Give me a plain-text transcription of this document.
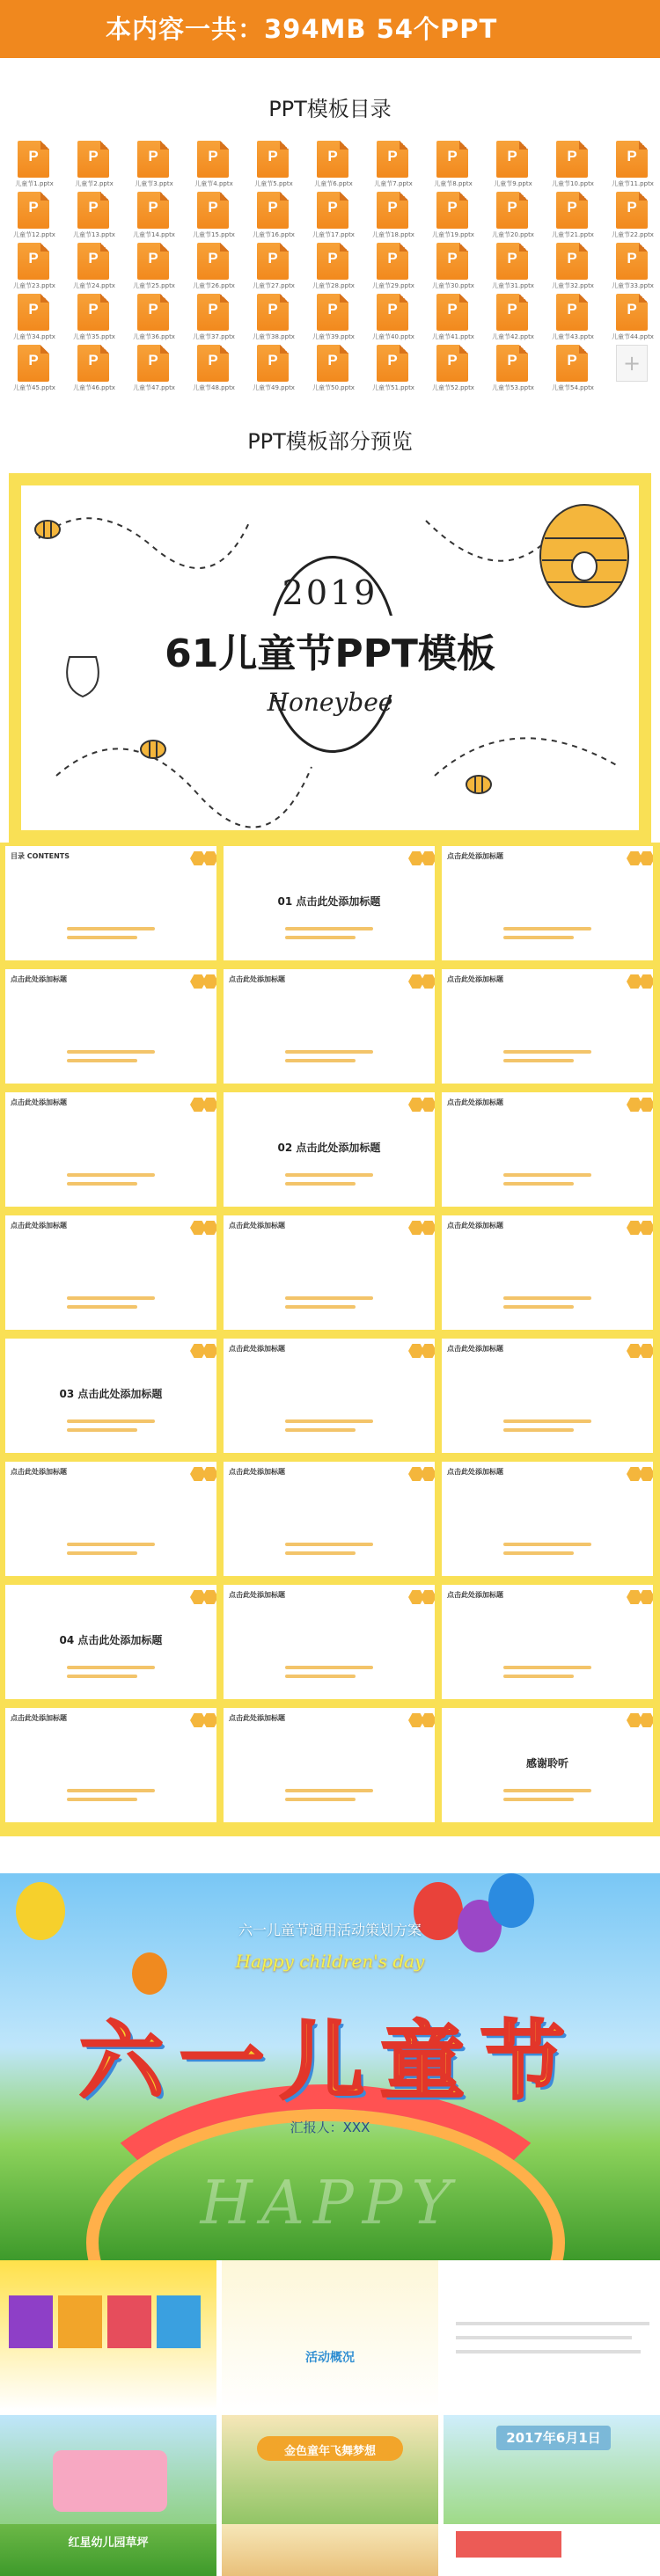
本内容一共：394MB 54个PPT
PPT模板目录
P
儿童节1.pptx
P
儿童节2.pptx
P
儿童节3.pptx
P
儿童节4.pptx
P
儿童节5.pptx
P
儿童节6.pptx
P
儿童节7.pptx
P
儿童节8.pptx
P
儿童节9.pptx
P
儿童节10.pptx
P
儿童节11.pptx
P
儿童节12.pptx
P
儿童节13.pptx
P
儿童节14.pptx
P
儿童节15.pptx
P
儿童节16.pptx
P
儿童节17.pptx
P
儿童节18.pptx
P
儿童节19.pptx
P
儿童节20.pptx
P
儿童节21.pptx
P
儿童节22.pptx
P
儿童节23.pptx
P
儿童节24.pptx
P
儿童节25.pptx
P
儿童节26.pptx
P
儿童节27.pptx
P
儿童节28.pptx
P
儿童节29.pptx
P
儿童节30.pptx
P
儿童节31.pptx
P
儿童节32.pptx
P
儿童节33.pptx
P
儿童节34.pptx
P
儿童节35.pptx
P
儿童节36.pptx
P
儿童节37.pptx
P
儿童节38.pptx
P
儿童节39.pptx
P
儿童节40.pptx
P
儿童节41.pptx
P
儿童节42.pptx
P
儿童节43.pptx
P
儿童节44.pptx
P
儿童节45.pptx
P
儿童节46.pptx
P
儿童节47.pptx
P
儿童节48.pptx
P
儿童节49.pptx
P
儿童节50.pptx
P
儿童节51.pptx
P
儿童节52.pptx
P
儿童节53.pptx
P
儿童节54.pptx
+
PPT模板部分预览
2019
61儿童节PPT模板
Honeybee
目录 CONTENTS
01 点击此处添加标题
点击此处添加标题
点击此处添加标题	点击此处添加标题	点击此处添加标题
点击此处添加标题
02 点击此处添加标题
点击此处添加标题
点击此处添加标题	点击此处添加标题	点击此处添加标题
03 点击此处添加标题
点击此处添加标题	点击此处添加标题
点击此处添加标题	点击此处添加标题	点击此处添加标题
04 点击此处添加标题
点击此处添加标题	点击此处添加标题
点击此处添加标题	点击此处添加标题
感谢聆听
六一儿童节通用活动策划方案
Happy children's day
六一儿童节
汇报人：XXX
HAPPY
活动概况
金色童年飞舞梦想
2017年6月1日
红星幼儿园草坪
